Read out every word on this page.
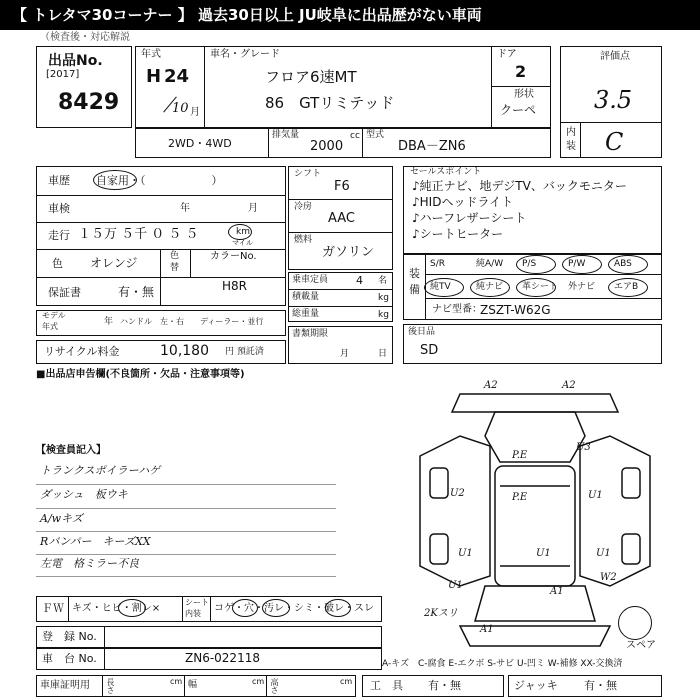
【 トレタマ30コーナー 】 過去30日以上 JU岐阜に出品歴がない車両
（検査後・対応解説
出品No.
[2017]
8429
年式
H 24
10 月
車名・グレード
フロア6速MT
86　GTリミテッド
ドア
2
形状
クーペ
評価点
3.5
内
装 C
2WD・4WD
排気量
2000
cc 型式
DBA－ZN6
車歴 自家用・（　　　　　　）
車検	年	月
走行 １５万 ５千 ０ ５ ５	km
マイル
色 オレンジ	色
替
カラーNo.
H8R
保証書	有・無
モデル
年式	年 ハンドル　左・右 ディーラー・並行
リサイクル料金	10,180 円 預託済
シフト
F6
冷房
AAC
燃料
ガソリン
乗車定員	4 名
積載量	kg
総重量	kg
書類期限
月	日
セールスポイント
♪純正ナビ、地デジTV、バックモニター
♪HIDヘッドライト
♪ハーフレザーシート
♪シートヒーター
装
備
S/R	純A/W P/S	P/W	ABS
純TV	純ナビ 革シート 外ナビ エアB
ナビ型番：
ZSZT-W62G
後日品
SD
■出品店申告欄(不良箇所・欠品・注意事項等)
【検査員記入】
トランクスポイラーハゲ
ダッシュ　板ウキ
A/wキズ
Rバンパー　キーズXX
左電　格ミラー不良
A2	A2
P.E
U3
U2	P.E	U1
U1	U1	U1
W2
U1
A1
2Kスリ
A1
スペア
ＦＷ キズ・ヒビ・割レ×
シート
内装 コゲ・穴・汚レ・シミ・破レ・スレ
登　録 No.
車　台 No.	ZN6-022118	A-キズ　C-腐食 E-エクボ S-サビ U-凹ミ W-補修 XX-交換済
車庫証明用 長さ	cm 幅	cm 高さ	cm 工　具 有・無	ジャッキ 有・無
